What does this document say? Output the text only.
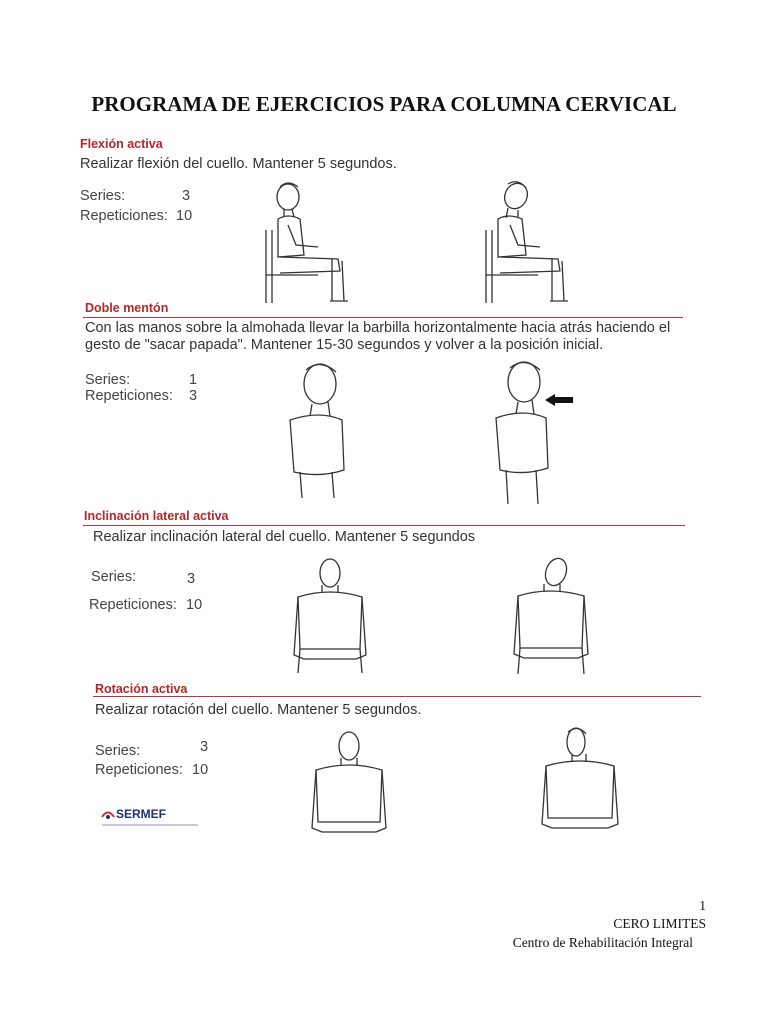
PROGRAMA DE EJERCICIOS PARA COLUMNA CERVICAL
Flexión activa
Realizar flexión del cuello. Mantener 5 segundos.
Series:	3
Repeticiones: 10
Doble mentón
Con las manos sobre la almohada llevar la barbilla horizontalmente hacia atrás haciendo el gesto de "sacar papada". Mantener 15-30 segundos y volver a la posición inicial.
Series:	1
Repeticiones: 3
Inclinación lateral activa
Realizar inclinación lateral del cuello. Mantener 5 segundos
Series:	3
Repeticiones: 10
Rotación activa
Realizar rotación del cuello. Mantener 5 segundos.
Series:	3
Repeticiones: 10
SERMEF
1
CERO LIMITES
Centro de Rehabilitación Integral
